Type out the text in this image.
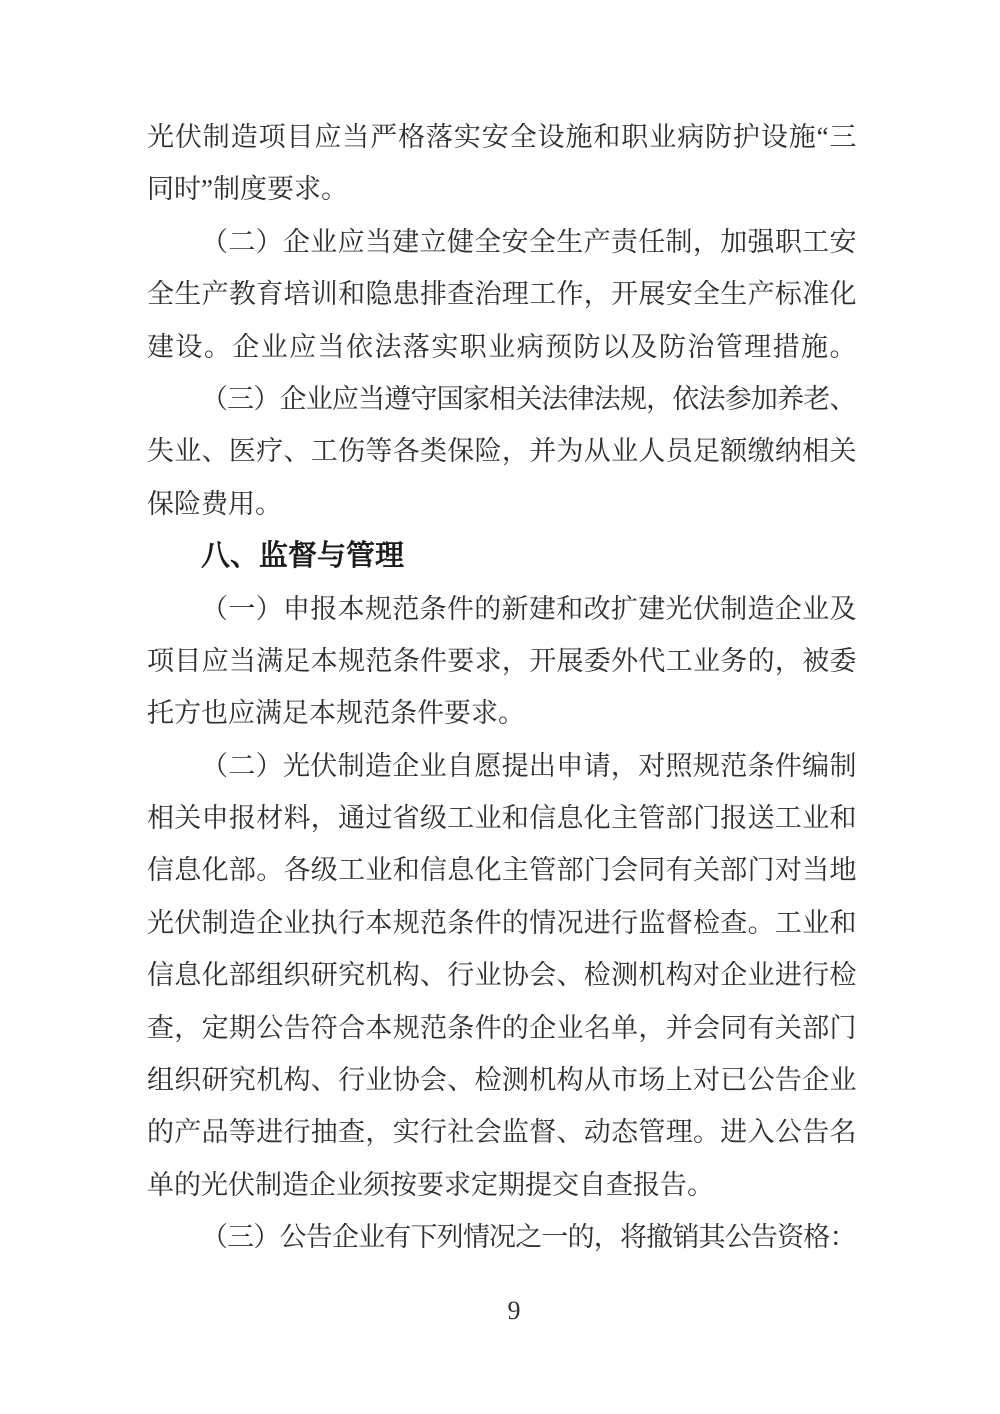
光伏制造项目应当严格落实安全设施和职业病防护设施“三
同时”制度要求。
（二）企业应当建立健全安全生产责任制，加强职工安
全生产教育培训和隐患排查治理工作，开展安全生产标准化
建设。企业应当依法落实职业病预防以及防治管理措施。
（三）企业应当遵守国家相关法律法规，依法参加养老、
失业、医疗、工伤等各类保险，并为从业人员足额缴纳相关
保险费用。
八、监督与管理
（一）申报本规范条件的新建和改扩建光伏制造企业及
项目应当满足本规范条件要求，开展委外代工业务的，被委
托方也应满足本规范条件要求。
（二）光伏制造企业自愿提出申请，对照规范条件编制
相关申报材料，通过省级工业和信息化主管部门报送工业和
信息化部。各级工业和信息化主管部门会同有关部门对当地
光伏制造企业执行本规范条件的情况进行监督检查。工业和
信息化部组织研究机构、行业协会、检测机构对企业进行检
查，定期公告符合本规范条件的企业名单，并会同有关部门
组织研究机构、行业协会、检测机构从市场上对已公告企业
的产品等进行抽查，实行社会监督、动态管理。进入公告名
单的光伏制造企业须按要求定期提交自查报告。
（三）公告企业有下列情况之一的，将撤销其公告资格：
9
